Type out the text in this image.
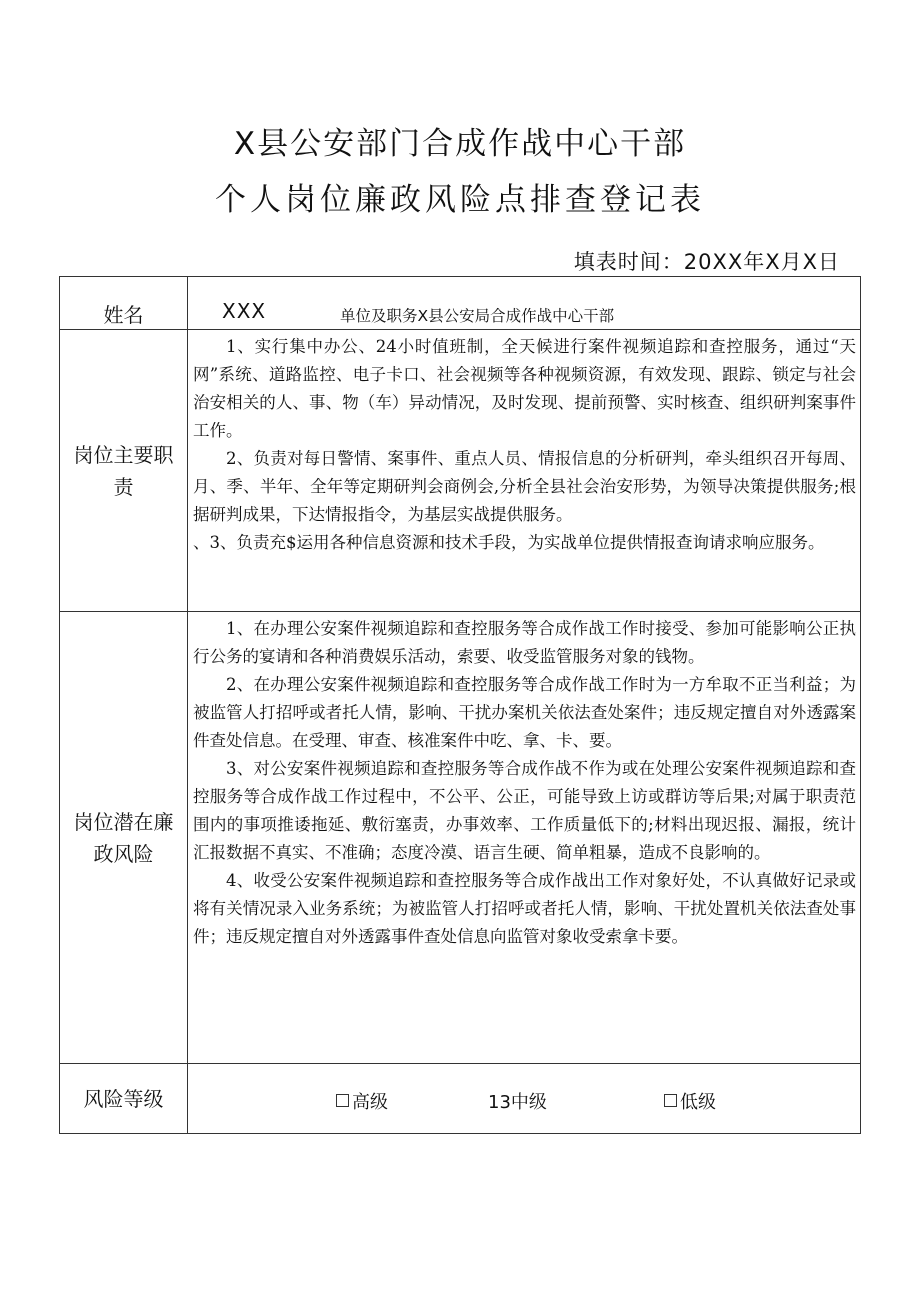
X县公安部门合成作战中心干部
个人岗位廉政风险点排查登记表
填表时间：20XX年X月X日
姓名	XXX 单位及职务X县公安局合成作战中心干部

岗位主要职责	1、实行集中办公、24小时值班制，全天候进行案件视频追踪和查控服务，通过“天网”系统、道路监控、电子卡口、社会视频等各种视频资源，有效发现、跟踪、锁定与社会治安相关的人、事、物（车）异动情况，及时发现、提前预警、实时核查、组织研判案事件工作。

2、负责对每日警情、案事件、重点人员、情报信息的分析研判，牵头组织召开每周、月、季、半年、全年等定期研判会商例会,分析全县社会治安形势，为领导决策提供服务;根据研判成果，下达情报指令，为基层实战提供服务。

、3、负责充$运用各种信息资源和技术手段，为实战单位提供情报查询请求响应服务。

岗位潜在廉政风险	1、在办理公安案件视频追踪和查控服务等合成作战工作时接受、参加可能影响公正执行公务的宴请和各种消费娱乐活动，索要、收受监管服务对象的钱物。

2、在办理公安案件视频追踪和查控服务等合成作战工作时为一方牟取不正当利益；为被监管人打招呼或者托人情，影响、干扰办案机关依法查处案件；违反规定擅自对外透露案件查处信息。在受理、审查、核准案件中吃、拿、卡、要。

3、对公安案件视频追踪和查控服务等合成作战不作为或在处理公安案件视频追踪和查控服务等合成作战工作过程中，不公平、公正，可能导致上访或群访等后果;对属于职责范围内的事项推诿拖延、敷衍塞责，办事效率、工作质量低下的;材料出现迟报、漏报，统计汇报数据不真实、不准确；态度冷漠、语言生硬、简单粗暴，造成不良影响的。

4、收受公安案件视频追踪和查控服务等合成作战出工作对象好处，不认真做好记录或将有关情况录入业务系统；为被监管人打招呼或者托人情，影响、干扰处置机关依法查处事件；违反规定擅自对外透露事件查处信息向监管对象收受索拿卡要。

风险等级	高级 13中级 低级
